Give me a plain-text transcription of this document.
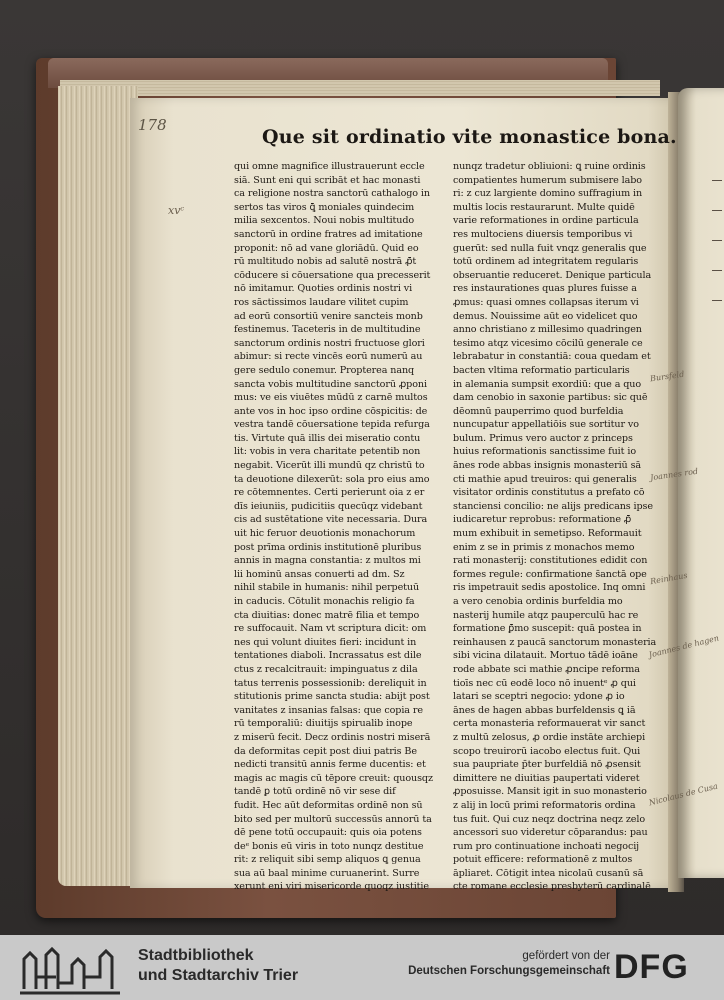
178
Que sit ordinatio vite monastice bona.
qui omne magnifice illustrauerunt eccle
siā. Sunt eni qui scribāt et hac monasti
ca religione nostra sanctorū cathalogo in
sertos tas viros ꝗ̄ moniales quindecim
milia sexcentos. Noui nobis multitudo
sanctorū in ordine fratres ad imitatione
proponit: nō ad vane gloriādū. Quid eo
rū multitudo nobis ad salutē nostrā ꝓ̄t
cōducere si cōuersatione qua precesserit
nō imitamur. Quoties ordinis nostri vi
ros sāctissimos laudare vilitet cupim
ad eorū consortiū venire sancteis monb
festinemus. Taceteris in de multitudine
sanctorum ordinis nostri fructuose glori
abimur: si recte vincēs eorū numerū au
gere sedulo conemur. Propterea nanq
sancta vobis multitudine sanctorū ꝓponi
mus: ve eis viuētes mūdū z carnē multos
ante vos in hoc ipso ordine cōspicitis: de
vestra tandē cōuersatione tepida refurga
tis. Virtute quā illis dei miseratio contu
lit: vobis in vera charitate petentib non
negabit. Vicerūt illi mundū qz christū to
ta deuotione dilexerūt: sola pro eius amo
re cōtemnentes. Certi perierunt oia z er
dīs ieiuniis, pudicitiis quecūqz videbant
cis ad sustētatione vite necessaria. Dura
uit hic feruor deuotionis monachorum
post prīma ordinis institutionē pluribus
annis in magna constantia: z multos mi
lii hominū ansas conuerti ad dm. Sz
nihil stabile in humanis: nihil perpetuū
in caducis. Cōtulit monachis religio fa
cta diuitias: donec matrē filia et tempo
re suffocauit. Nam vt scriptura dicit: om
nes qui volunt diuites fieri: incidunt in
tentationes diaboli. Incrassatus est dile
ctus z recalcitrauit: impinguatus z dila
tatus terrenis possessionib: dereliquit in
stitutionis prime sancta studia: abijt post
vanitates z insanias falsas: que copia re
rū temporaliū: diuitijs spirualib inope
z miserū fecit. Decz ordinis nostri miserā
da deformitas cepit post diui patris Be
nedicti transitū annis ferme ducentis: et
magis ac magis cū tēpore creuit: quousqz
tandē ꝑ totū ordinē nō vir sese dif
fudit. Hec aūt deformitas ordinē non sū
bito sed per multorū successūs annorū ta
dē pene totū occupauit: quis oia potens
deᵉ bonis eū viris in toto nunqz destitue
rit: z reliquit sibi semp aliquos ꝗ genua
sua aū baal minime curuanerint. Surre
xerunt eni viri misericorde quoqz iustitie
nunqz tradetur obliuioni: ꝗ ruine ordinis
compatientes humerum submisere labo
ri: z cuz largiente domino suffragium in
multis locis restaurarunt. Multe quidē
varie reformationes in ordine particula
res multociens diuersis temporibus vi
guerūt: sed nulla fuit vnqz generalis que
totū ordinem ad integritatem regularis
obseruantie reduceret. Denique particula
res instaurationes quas plures fuisse a
ꝓmus: quasi omnes collapsas iterum vi
demus. Nouissime aūt eo videlicet quo
anno christiano z millesimo quadringen
tesimo atqz vicesimo cōcilū generale ce
lebrabatur in constantiā: coua quedam et
bacten vltima reformatio particularis
in alemania sumpsit exordiū: que a quo
dam cenobio in saxonie partibus: sic quē
dēomnū pauperrimo quod burfeldia
nuncupatur appellatiōis sue sortitur vo
bulum. Primus vero auctor z princeps
huius reformationis sanctissime fuit io
ānes rode abbas insignis monasteriū sā
cti mathie apud treuiros: qui generalis
visitator ordinis constitutus a prefato cō
stanciensi concilio: ne alijs predicans ipse
iudicaretur reprobus: reformatione ꝓ̄
mum exhibuit in semetipso. Reformauit
enim z se in primis z monachos memo
rati monasterij: constitutiones edidit con
formes regule: confirmatione s̄anctā ope
ris impetrauit sedis apostolice. Inq omni
a vero cenobia ordinis burfeldia mo
nasterij humile atqz pauperculū hac re
formatione ꝑ̄mo suscepit: quā postea in
reinhausen z paucā sanctorum monasteria
sibi vicina dilatauit. Mortuo tādē ioāne
rode abbate sci mathie ꝓncipe reforma
tioīs nec cū eodē loco nō inuentᵉ ꝓ qui
latari se sceptri negocio: ydone ꝓ io
ānes de hagen abbas burfeldensis ꝗ iā
certa monasteria reformauerat vir sanct
z multū zelosus, ꝓ ordie instāte archiepi
scopo treuirorū iacobo electus fuit. Qui
sua paupriate p̄ter burfeldiā nō ꝓsensit
dimittere ne diuitias paupertati videret
ꝓposuisse. Mansit igit in suo monasterio
z alij in locū primi reformatoris ordina
tus fuit. Qui cuz neqz doctrina neqz zelo
ancessori suo videretur cōparandus: pau
rum pro continuatione inchoati negocij
potuit efficere: reformationē z multos
āpliaret. Cōtigit intea nicolaū cusanū sā
cte romane ecclesie presbyterū cardinalē
xvᶜ
Bursfeld
Joannes rod
Reinhaus
Joannes de hagen
Nicolaus de Cusa
Stadtbibliothek
und Stadtarchiv Trier
gefördert von der
Deutschen Forschungsgemeinschaft DFG
